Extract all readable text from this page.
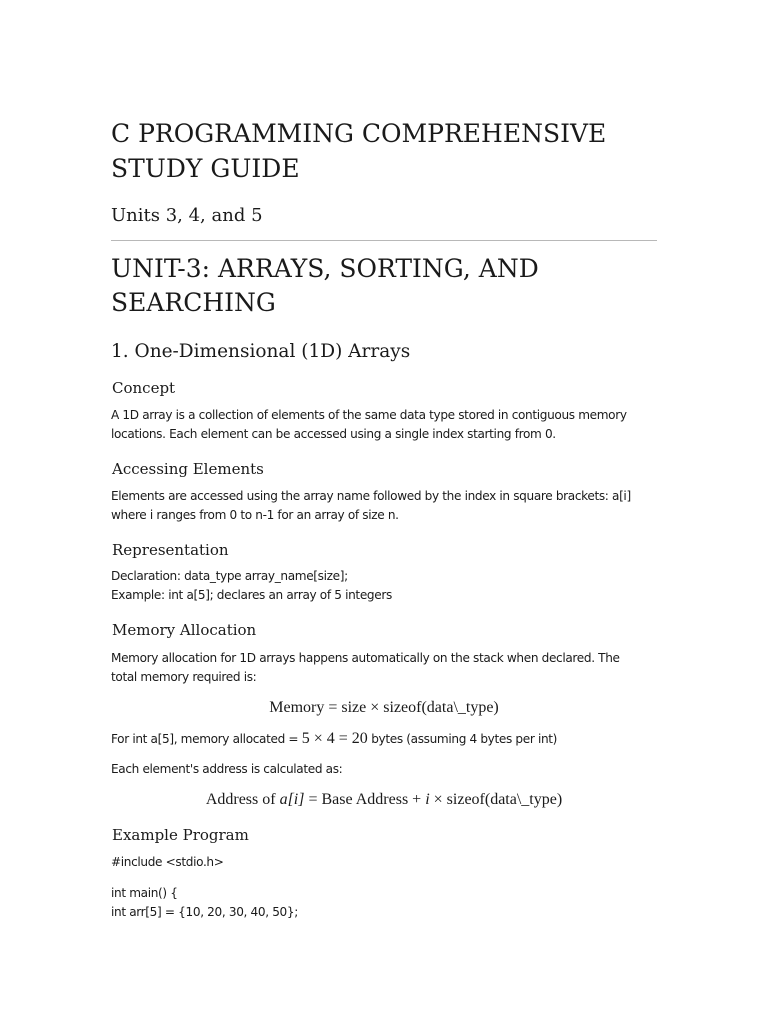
C PROGRAMMING COMPREHENSIVE STUDY GUIDE
Units 3, 4, and 5
UNIT-3: ARRAYS, SORTING, AND SEARCHING
1. One-Dimensional (1D) Arrays
Concept

A 1D array is a collection of elements of the same data type stored in contiguous memory
locations. Each element can be accessed using a single index starting from 0.

Accessing Elements

Elements are accessed using the array name followed by the index in square brackets: a[i]
where i ranges from 0 to n-1 for an array of size n.

Representation

Declaration: data_type array_name[size];
Example: int a[5]; declares an array of 5 integers

Memory Allocation

Memory allocation for 1D arrays happens automatically on the stack when declared. The
total memory required is:

Memory = size × sizeof(data\_type)

For int a[5], memory allocated = 5 × 4 = 20 bytes (assuming 4 bytes per int)

Each element's address is calculated as:

Address of a[i] = Base Address + i × sizeof(data\_type)

Example Program

#include <stdio.h>

int main() {

int arr[5] = {10, 20, 30, 40, 50};
